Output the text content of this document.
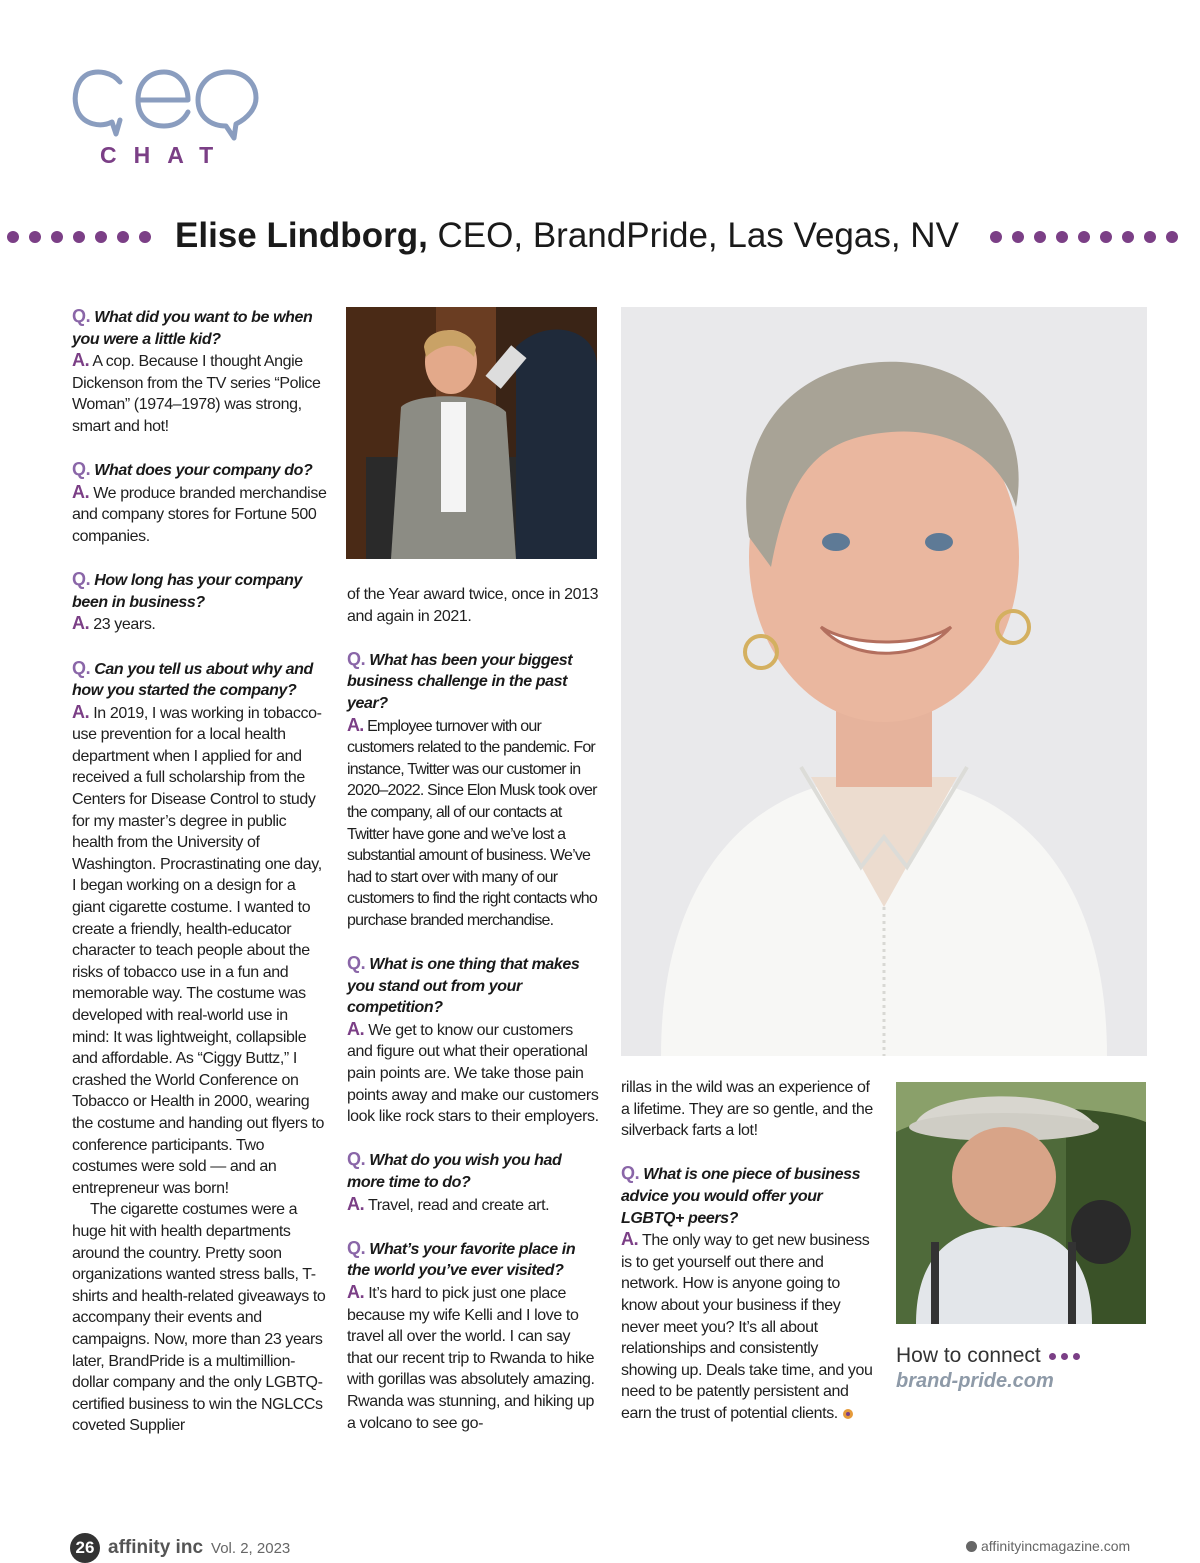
CHAT
Elise Lindborg, CEO, BrandPride, Las Vegas, NV

Q. What did you want to be when you were a little kid?

A. A cop. Because I thought Angie Dickenson from the TV series “Police Woman” (1974–1978) was strong, smart and hot!

Q. What does your company do?

A. We produce branded merchandise and company stores for Fortune 500 companies.

Q. How long has your company been in business?

A. 23 years.

Q. Can you tell us about why and how you started the company?

A. In 2019, I was working in tobacco-use prevention for a local health department when I applied for and received a full scholarship from the Centers for Disease Control to study for my master’s degree in public health from the University of Washington. Procrastinating one day, I began working on a design for a giant cigarette costume. I wanted to create a friendly, health-educator character to teach people about the risks of tobacco use in a fun and memorable way. The costume was developed with real-world use in mind: It was lightweight, collapsible and affordable. As “Ciggy Buttz,” I crashed the World Conference on Tobacco or Health in 2000, wearing the costume and handing out flyers to conference participants. Two costumes were sold — and an entrepreneur was born!

The cigarette costumes were a huge hit with health departments around the country. Pretty soon organizations wanted stress balls, T-shirts and health-related giveaways to accompany their events and campaigns. Now, more than 23 years later, BrandPride is a multimillion-dollar company and the only LGBTQ-certified business to win the NGLCCs coveted Supplier

of the Year award twice, once in 2013 and again in 2021.

Q. What has been your biggest business challenge in the past year?

A. Employee turnover with our customers related to the pandemic. For instance, Twitter was our customer in 2020–2022. Since Elon Musk took over the company, all of our contacts at Twitter have gone and we’ve lost a substantial amount of business. We’ve had to start over with many of our customers to find the right contacts who purchase branded merchandise.

Q. What is one thing that makes you stand out from your competition?

A. We get to know our customers and figure out what their operational pain points are. We take those pain points away and make our customers look like rock stars to their employers.

Q. What do you wish you had more time to do?

A. Travel, read and create art.

Q. What’s your favorite place in the world you’ve ever visited?

A. It’s hard to pick just one place because my wife Kelli and I love to travel all over the world. I can say that our recent trip to Rwanda to hike with gorillas was absolutely amazing. Rwanda was stunning, and hiking up a volcano to see go-

rillas in the wild was an experience of a lifetime. They are so gentle, and the silverback farts a lot!

Q. What is one piece of business advice you would offer your LGBTQ+ peers?

A. The only way to get new business is to get yourself out there and network. How is anyone going to know about your business if they never meet you? It’s all about relationships and consistently showing up. Deals take time, and you need to be patently persistent and earn the trust of potential clients.

How to connect
brand-pride.com
26 affinity inc Vol. 2, 2023	affinityincmagazine.com
